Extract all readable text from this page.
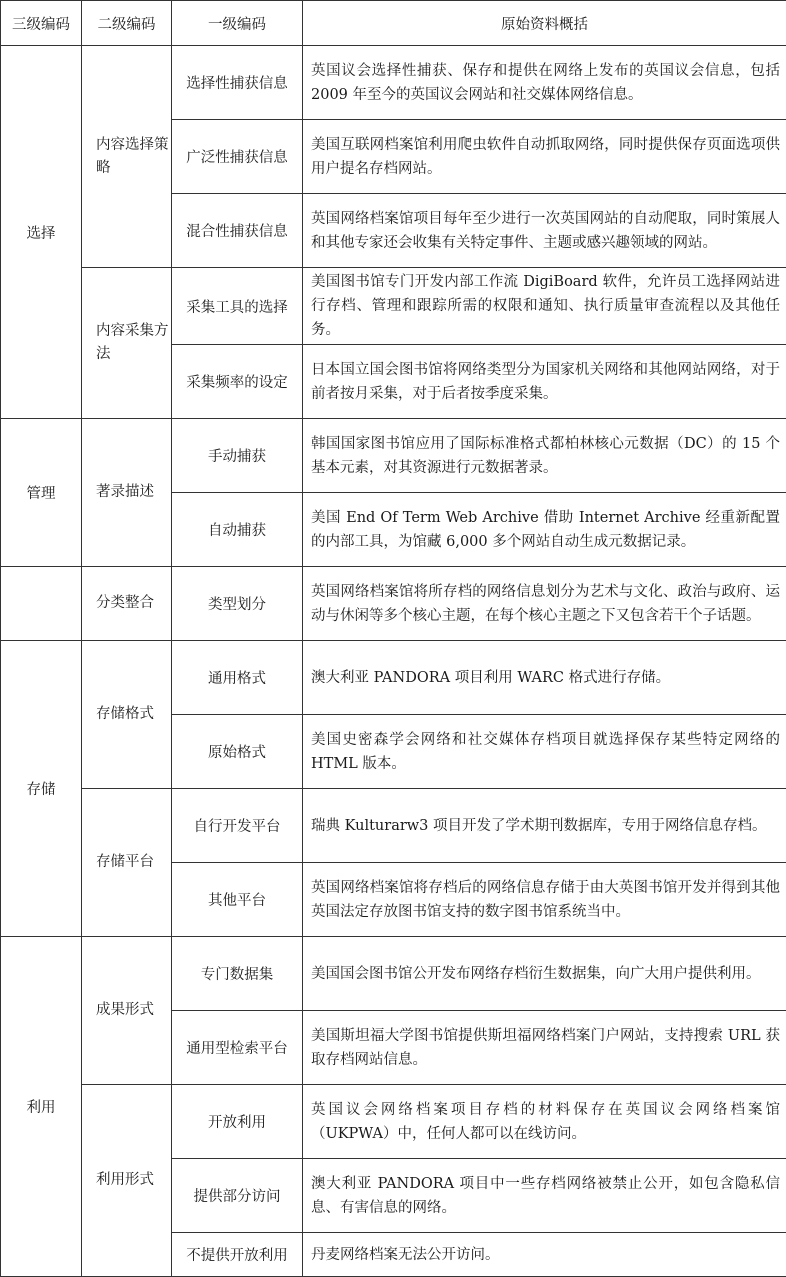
三级编码	二级编码	一级编码	原始资料概括
选择	内容选择策略	选择性捕获信息	英国议会选择性捕获、保存和提供在网络上发布的英国议会信息，包括 2009 年至今的英国议会网站和社交媒体网络信息。
		广泛性捕获信息	美国互联网档案馆利用爬虫软件自动抓取网络，同时提供保存页面选项供用户提名存档网站。
		混合性捕获信息	英国网络档案馆项目每年至少进行一次英国网站的自动爬取，同时策展人和其他专家还会收集有关特定事件、主题或感兴趣领域的网站。
	内容采集方法	采集工具的选择	美国图书馆专门开发内部工作流 DigiBoard 软件，允许员工选择网站进行存档、管理和跟踪所需的权限和通知、执行质量审查流程以及其他任务。
		采集频率的设定	日本国立国会图书馆将网络类型分为国家机关网络和其他网站网络，对于前者按月采集，对于后者按季度采集。
管理	著录描述	手动捕获	韩国国家图书馆应用了国际标准格式都柏林核心元数据（DC）的 15 个基本元素，对其资源进行元数据著录。
		自动捕获	美国 End Of Term Web Archive 借助 Internet Archive 经重新配置的内部工具，为馆藏 6,000 多个网站自动生成元数据记录。
	分类整合	类型划分	英国网络档案馆将所存档的网络信息划分为艺术与文化、政治与政府、运动与休闲等多个核心主题，在每个核心主题之下又包含若干个子话题。
存储	存储格式	通用格式	澳大利亚 PANDORA 项目利用 WARC 格式进行存储。
		原始格式	美国史密森学会网络和社交媒体存档项目就选择保存某些特定网络的 HTML 版本。
	存储平台	自行开发平台	瑞典 Kulturarw3 项目开发了学术期刊数据库，专用于网络信息存档。
		其他平台	英国网络档案馆将存档后的网络信息存储于由大英图书馆开发并得到其他英国法定存放图书馆支持的数字图书馆系统当中。
利用	成果形式	专门数据集	美国国会图书馆公开发布网络存档衍生数据集，向广大用户提供利用。
		通用型检索平台	美国斯坦福大学图书馆提供斯坦福网络档案门户网站，支持搜索 URL 获取存档网站信息。
	利用形式	开放利用	英国议会网络档案项目存档的材料保存在英国议会网络档案馆（UKPWA）中，任何人都可以在线访问。
		提供部分访问	澳大利亚 PANDORA 项目中一些存档网络被禁止公开，如包含隐私信息、有害信息的网络。
		不提供开放利用	丹麦网络档案无法公开访问。
